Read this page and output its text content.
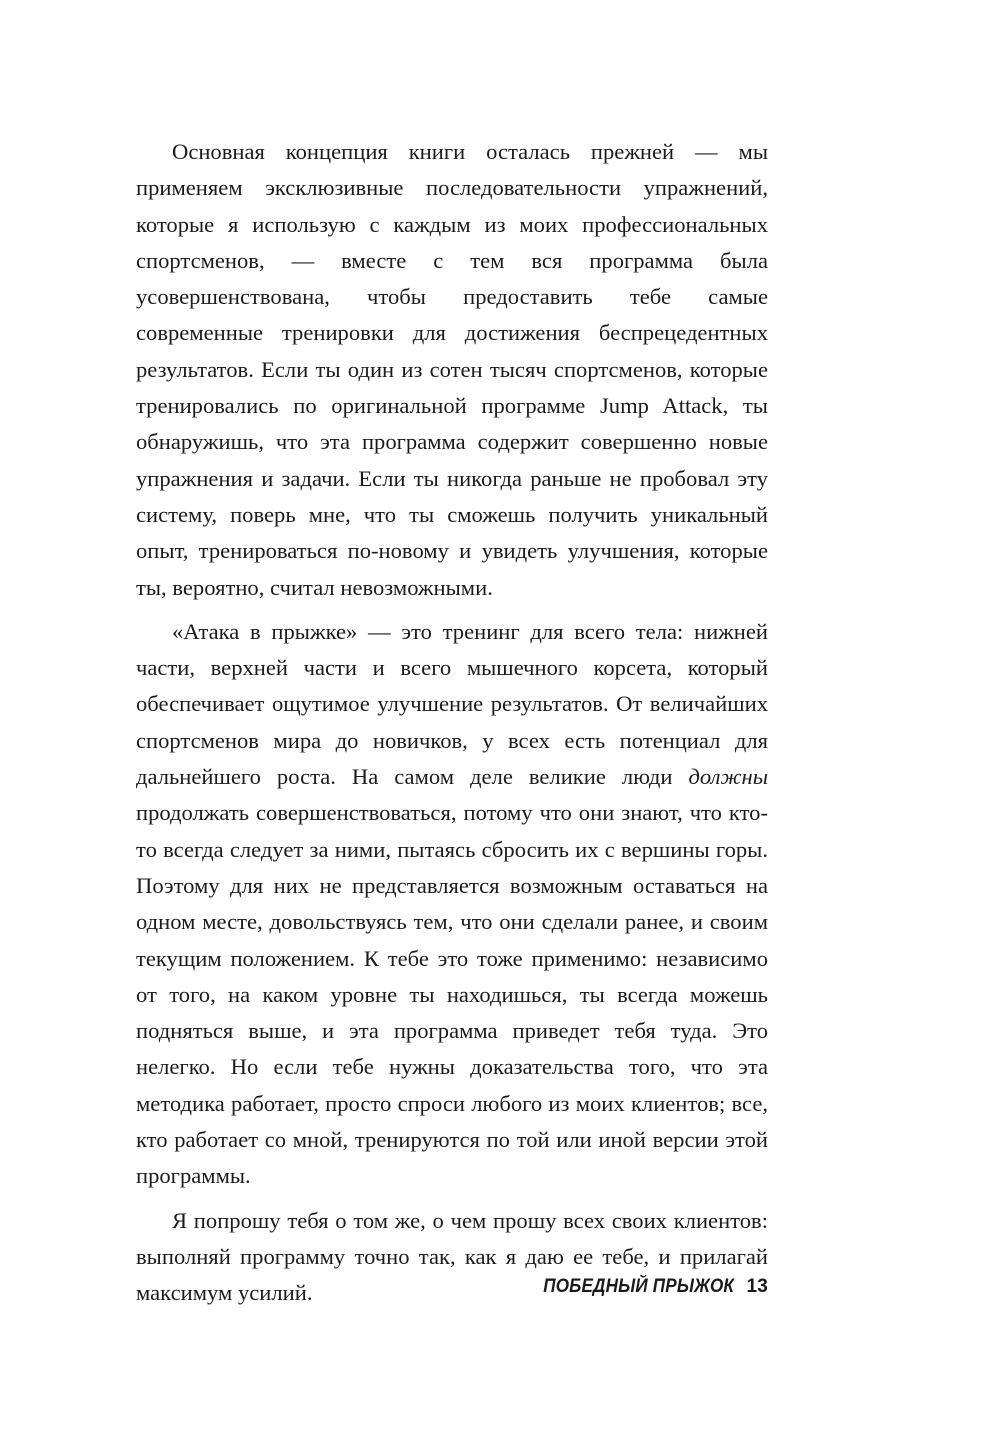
Основная концепция книги осталась прежней — мы применяем эксклюзивные последовательности упражнений, которые я использую с каждым из моих профессиональных спортсменов, — вместе с тем вся программа была усовершенствована, чтобы предоставить тебе самые современные тренировки для достижения беспрецедентных результатов. Если ты один из сотен тысяч спортсменов, которые тренировались по оригинальной программе Jump Attack, ты обнаружишь, что эта программа содержит совершенно новые упражнения и задачи. Если ты никогда раньше не пробовал эту систему, поверь мне, что ты сможешь получить уникальный опыт, тренироваться по-новому и увидеть улучшения, которые ты, вероятно, считал невозможными.

«Атака в прыжке» — это тренинг для всего тела: нижней части, верхней части и всего мышечного корсета, который обеспечивает ощутимое улучшение результатов. От величайших спортсменов мира до новичков, у всех есть потенциал для дальнейшего роста. На самом деле великие люди должны продолжать совершенствоваться, потому что они знают, что кто-то всегда следует за ними, пытаясь сбросить их с вершины горы. Поэтому для них не представляется возможным оставаться на одном месте, довольствуясь тем, что они сделали ранее, и своим текущим положением. К тебе это тоже применимо: независимо от того, на каком уровне ты находишься, ты всегда можешь подняться выше, и эта программа приведет тебя туда. Это нелегко. Но если тебе нужны доказательства того, что эта методика работает, просто спроси любого из моих клиентов; все, кто работает со мной, тренируются по той или иной версии этой программы.

Я попрошу тебя о том же, о чем прошу всех своих клиентов: выполняй программу точно так, как я даю ее тебе, и прилагай максимум усилий.	ПОБЕДНЫЙ ПРЫЖОК 13
